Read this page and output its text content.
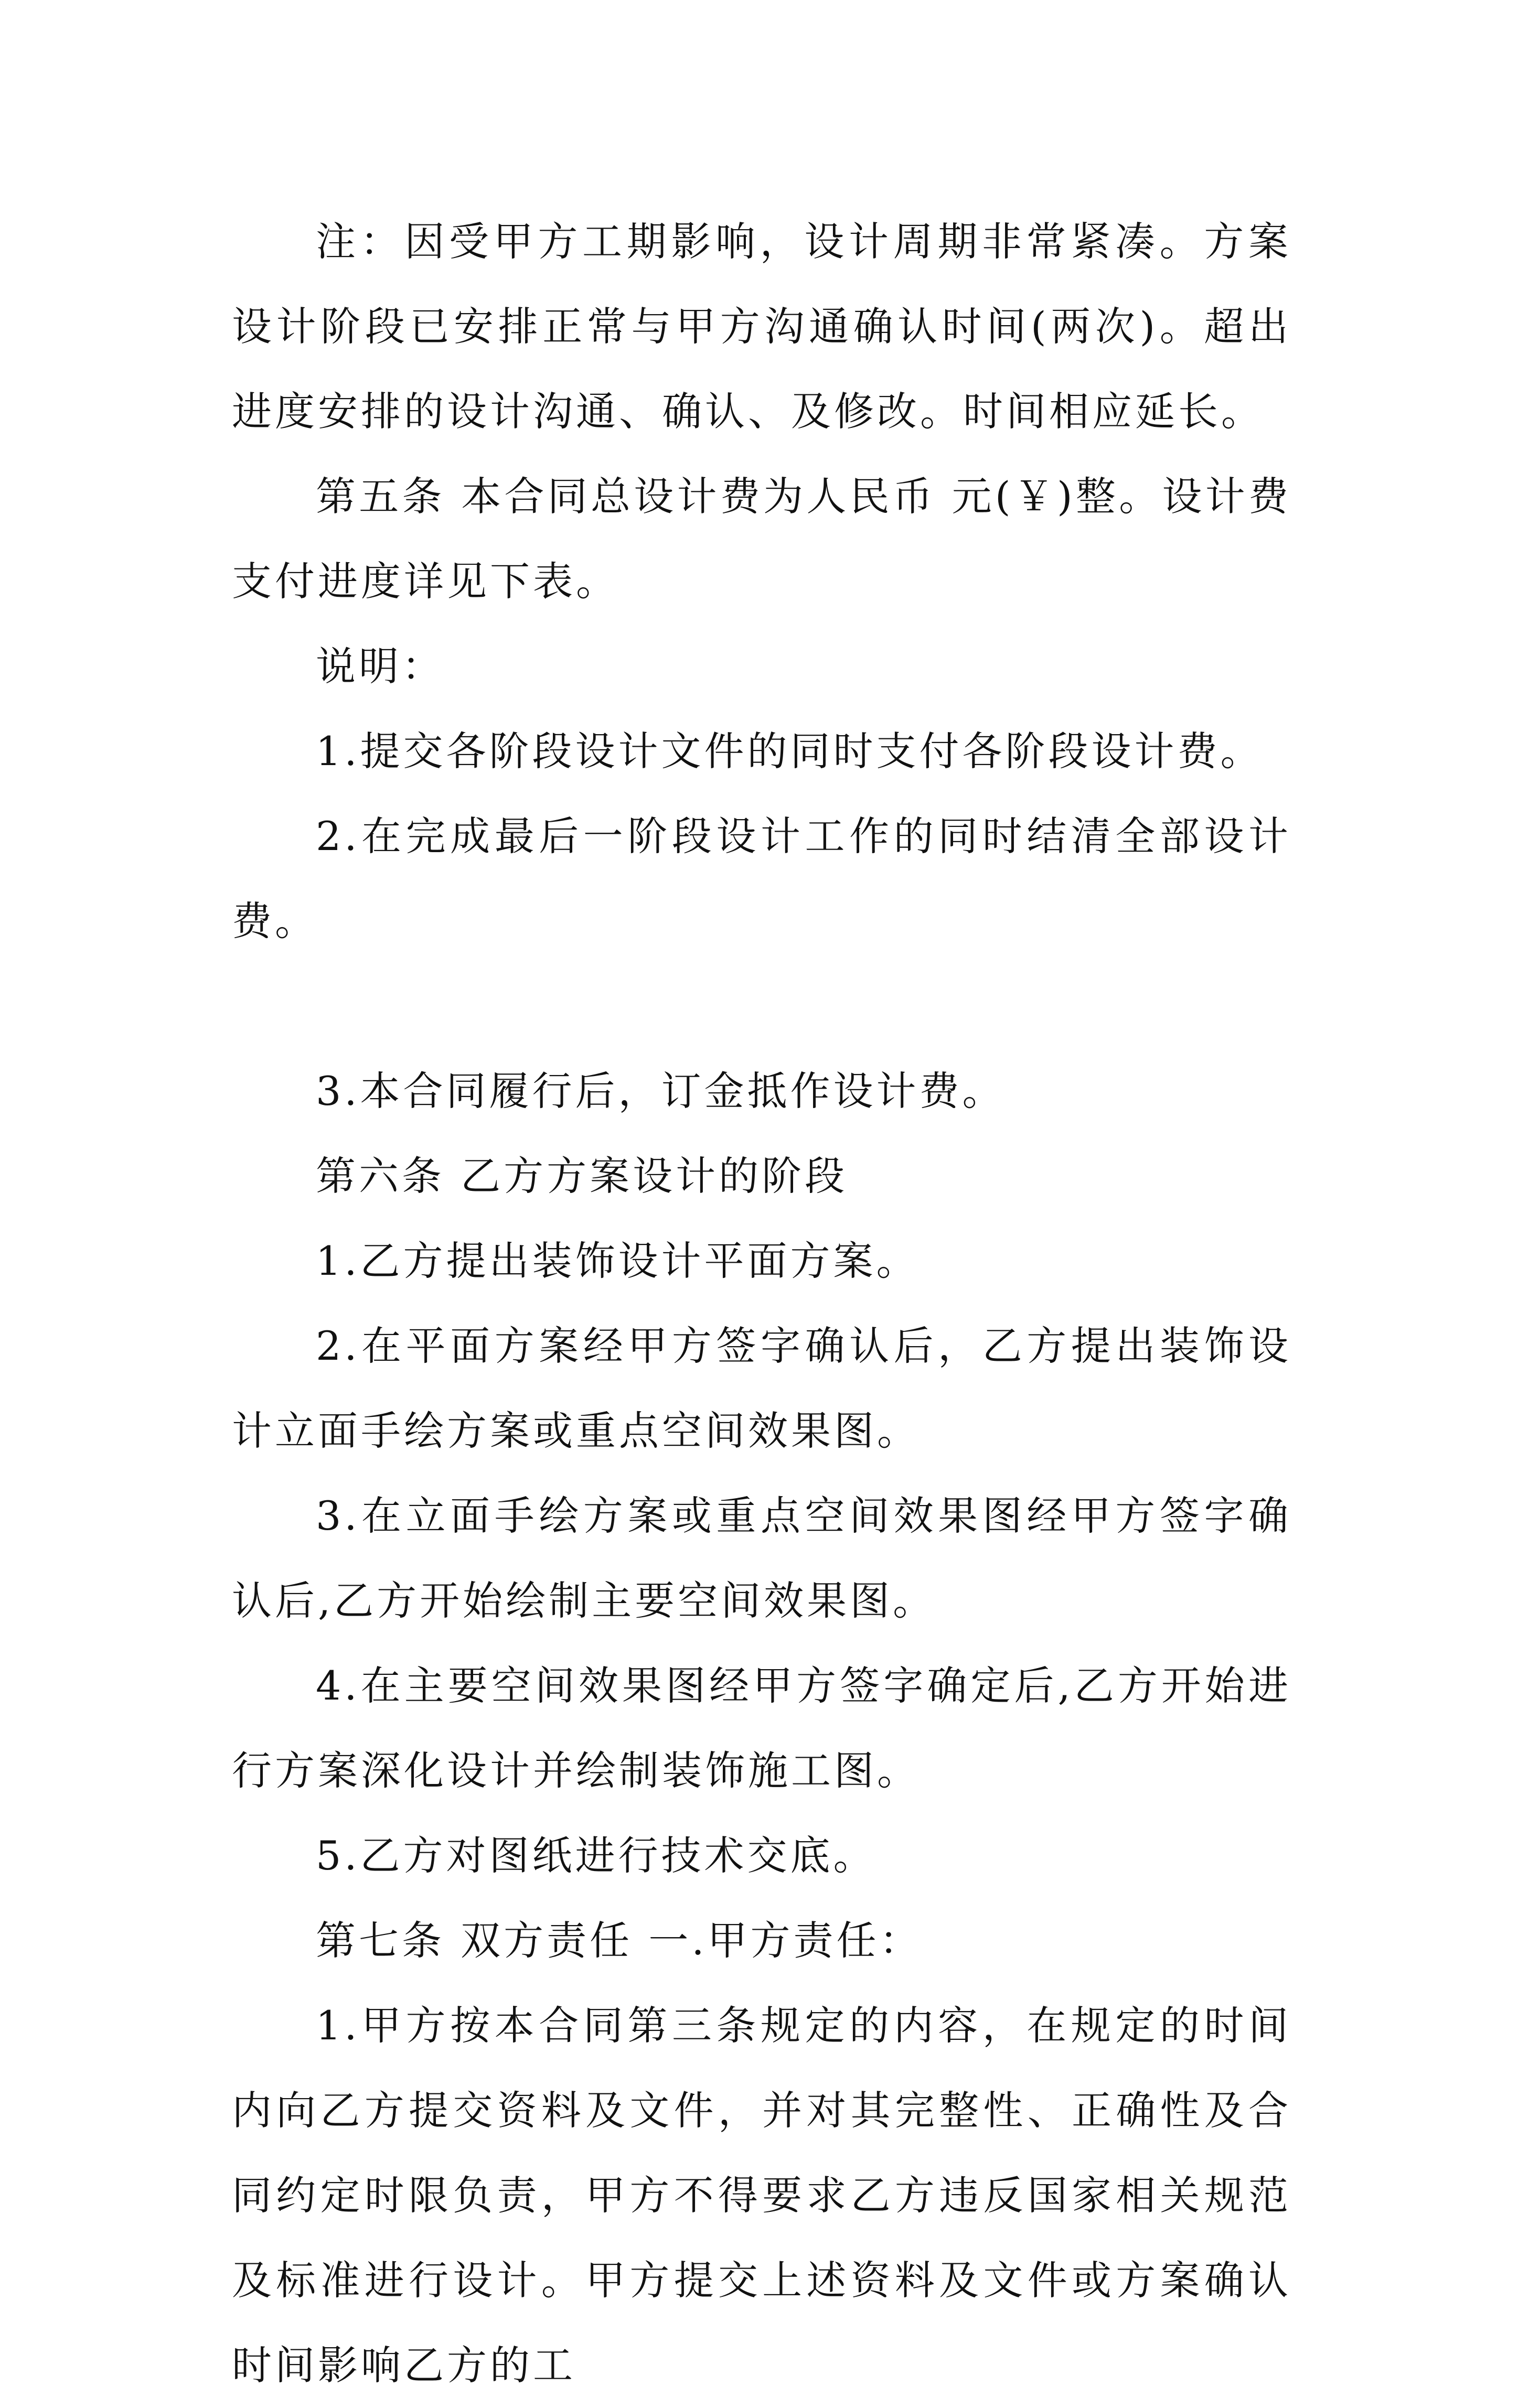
注：因受甲方工期影响，设计周期非常紧凑。方案设计阶段已安排正常与甲方沟通确认时间(两次)。超出进度安排的设计沟通、确认、及修改。时间相应延长。

第五条 本合同总设计费为人民币 元(￥)整。设计费支付进度详见下表。

说明：

1.提交各阶段设计文件的同时支付各阶段设计费。

2.在完成最后一阶段设计工作的同时结清全部设计费。

3.本合同履行后，订金抵作设计费。

第六条 乙方方案设计的阶段

1.乙方提出装饰设计平面方案。

2.在平面方案经甲方签字确认后，乙方提出装饰设计立面手绘方案或重点空间效果图。

3.在立面手绘方案或重点空间效果图经甲方签字确认后,乙方开始绘制主要空间效果图。

4.在主要空间效果图经甲方签字确定后,乙方开始进行方案深化设计并绘制装饰施工图。

5.乙方对图纸进行技术交底。

第七条 双方责任 一.甲方责任：

1.甲方按本合同第三条规定的内容，在规定的时间内向乙方提交资料及文件，并对其完整性、正确性及合同约定时限负责，甲方不得要求乙方违反国家相关规范及标准进行设计。甲方提交上述资料及文件或方案确认时间影响乙方的工
